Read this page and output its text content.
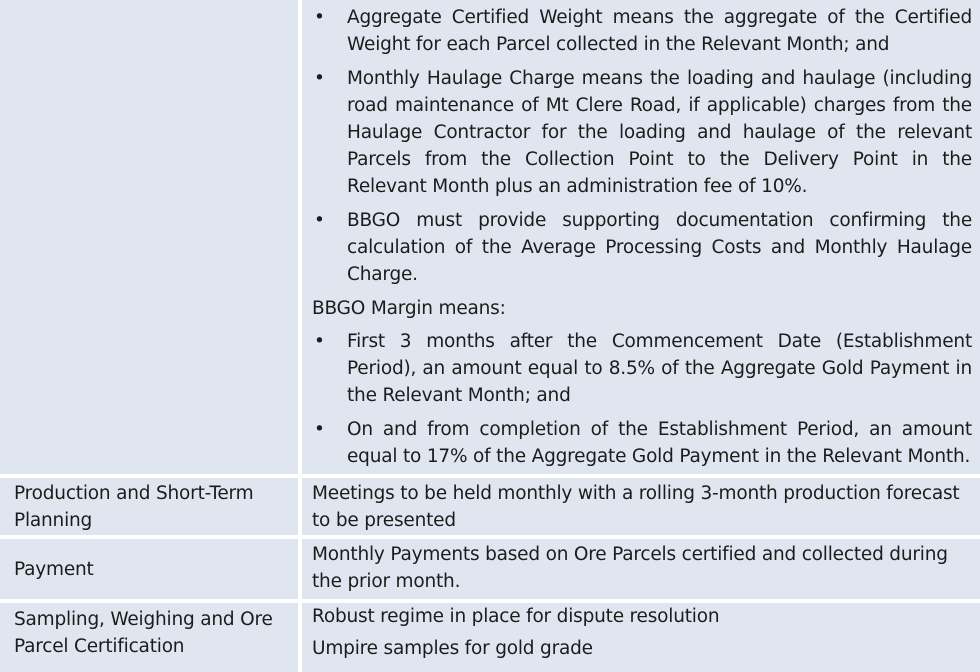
• Aggregate Certified Weight means the aggregate of the Certified Weight for each Parcel collected in the Relevant Month; and
• Monthly Haulage Charge means the loading and haulage (including road maintenance of Mt Clere Road, if applicable) charges from the Haulage Contractor for the loading and haulage of the relevant Parcels from the Collection Point to the Delivery Point in the Relevant Month plus an administration fee of 10%.
• BBGO must provide supporting documentation confirming the calculation of the Average Processing Costs and Monthly Haulage Charge.

BBGO Margin means:

• First 3 months after the Commencement Date (Establishment Period), an amount equal to 8.5% of the Aggregate Gold Payment in the Relevant Month; and
• On and from completion of the Establishment Period, an amount equal to 17% of the Aggregate Gold Payment in the Relevant Month.

Production and Short-Term Planning

Meetings to be held monthly with a rolling 3-month production forecast to be presented

Payment

Monthly Payments based on Ore Parcels certified and collected during the prior month.

Sampling, Weighing and Ore Parcel Certification

Robust regime in place for dispute resolution

Umpire samples for gold grade
